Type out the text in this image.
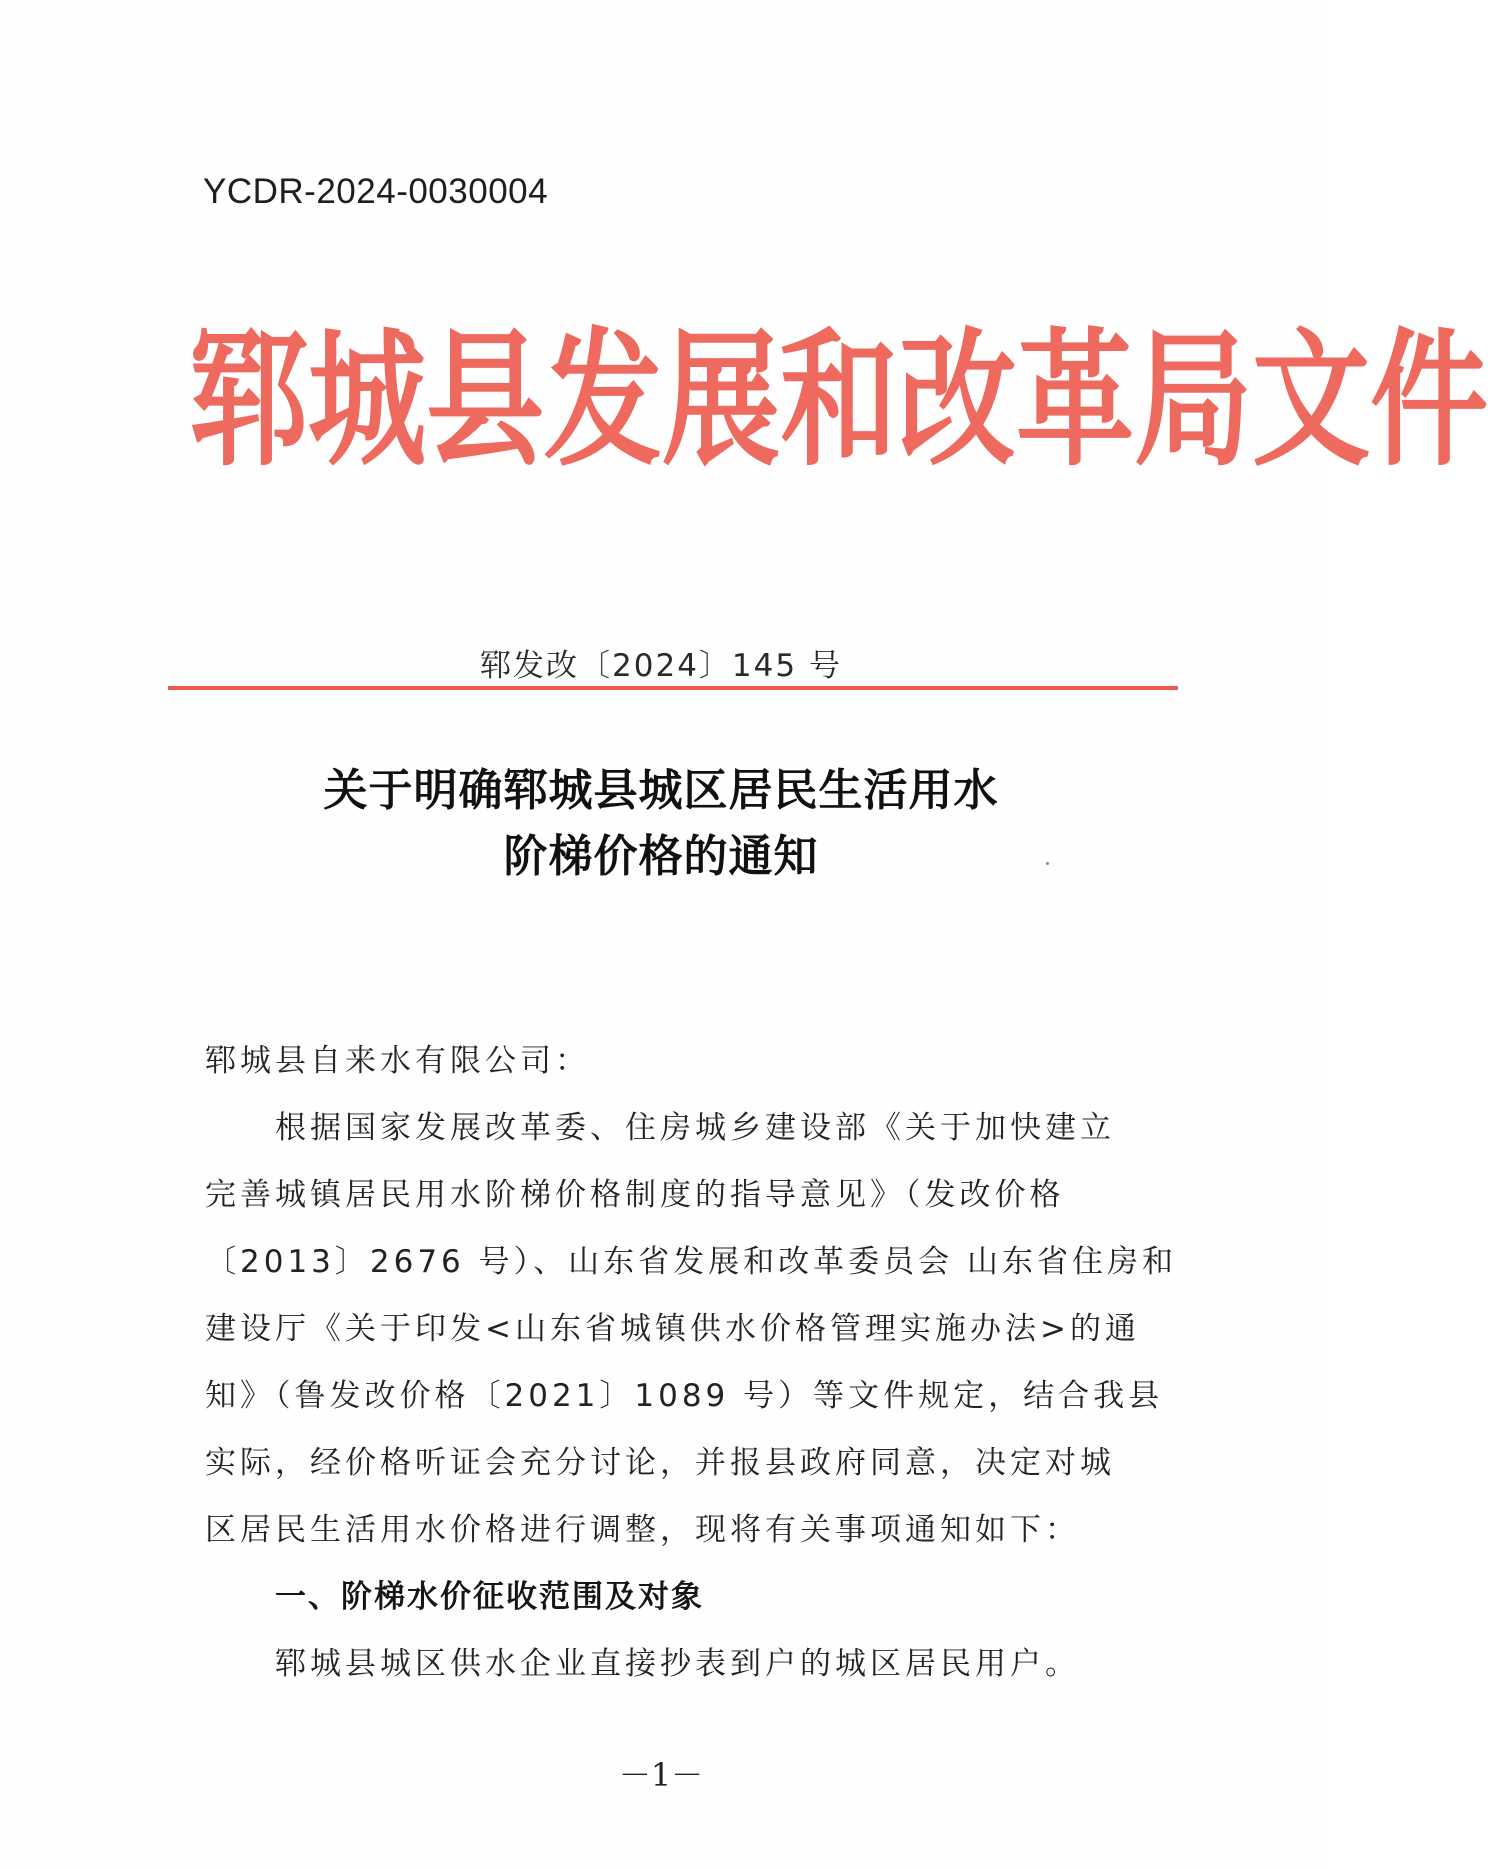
YCDR-2024-0030004
郓 城 县 发 展 和 改 革 局 文 件
郓发改〔2024〕145 号
关于明确郓城县城区居民生活用水
阶梯价格的通知
郓城县自来水有限公司：
根据国家发展改革委、住房城乡建设部《关于加快建立
完善城镇居民用水阶梯价格制度的指导意见》（发改价格
〔2013〕2676 号）、山东省发展和改革委员会 山东省住房和
建设厅《关于印发<山东省城镇供水价格管理实施办法>的通
知》（鲁发改价格〔2021〕1089 号）等文件规定，结合我县
实际，经价格听证会充分讨论，并报县政府同意，决定对城
区居民生活用水价格进行调整，现将有关事项通知如下：
一、阶梯水价征收范围及对象
郓城县城区供水企业直接抄表到户的城区居民用户。
－1－
